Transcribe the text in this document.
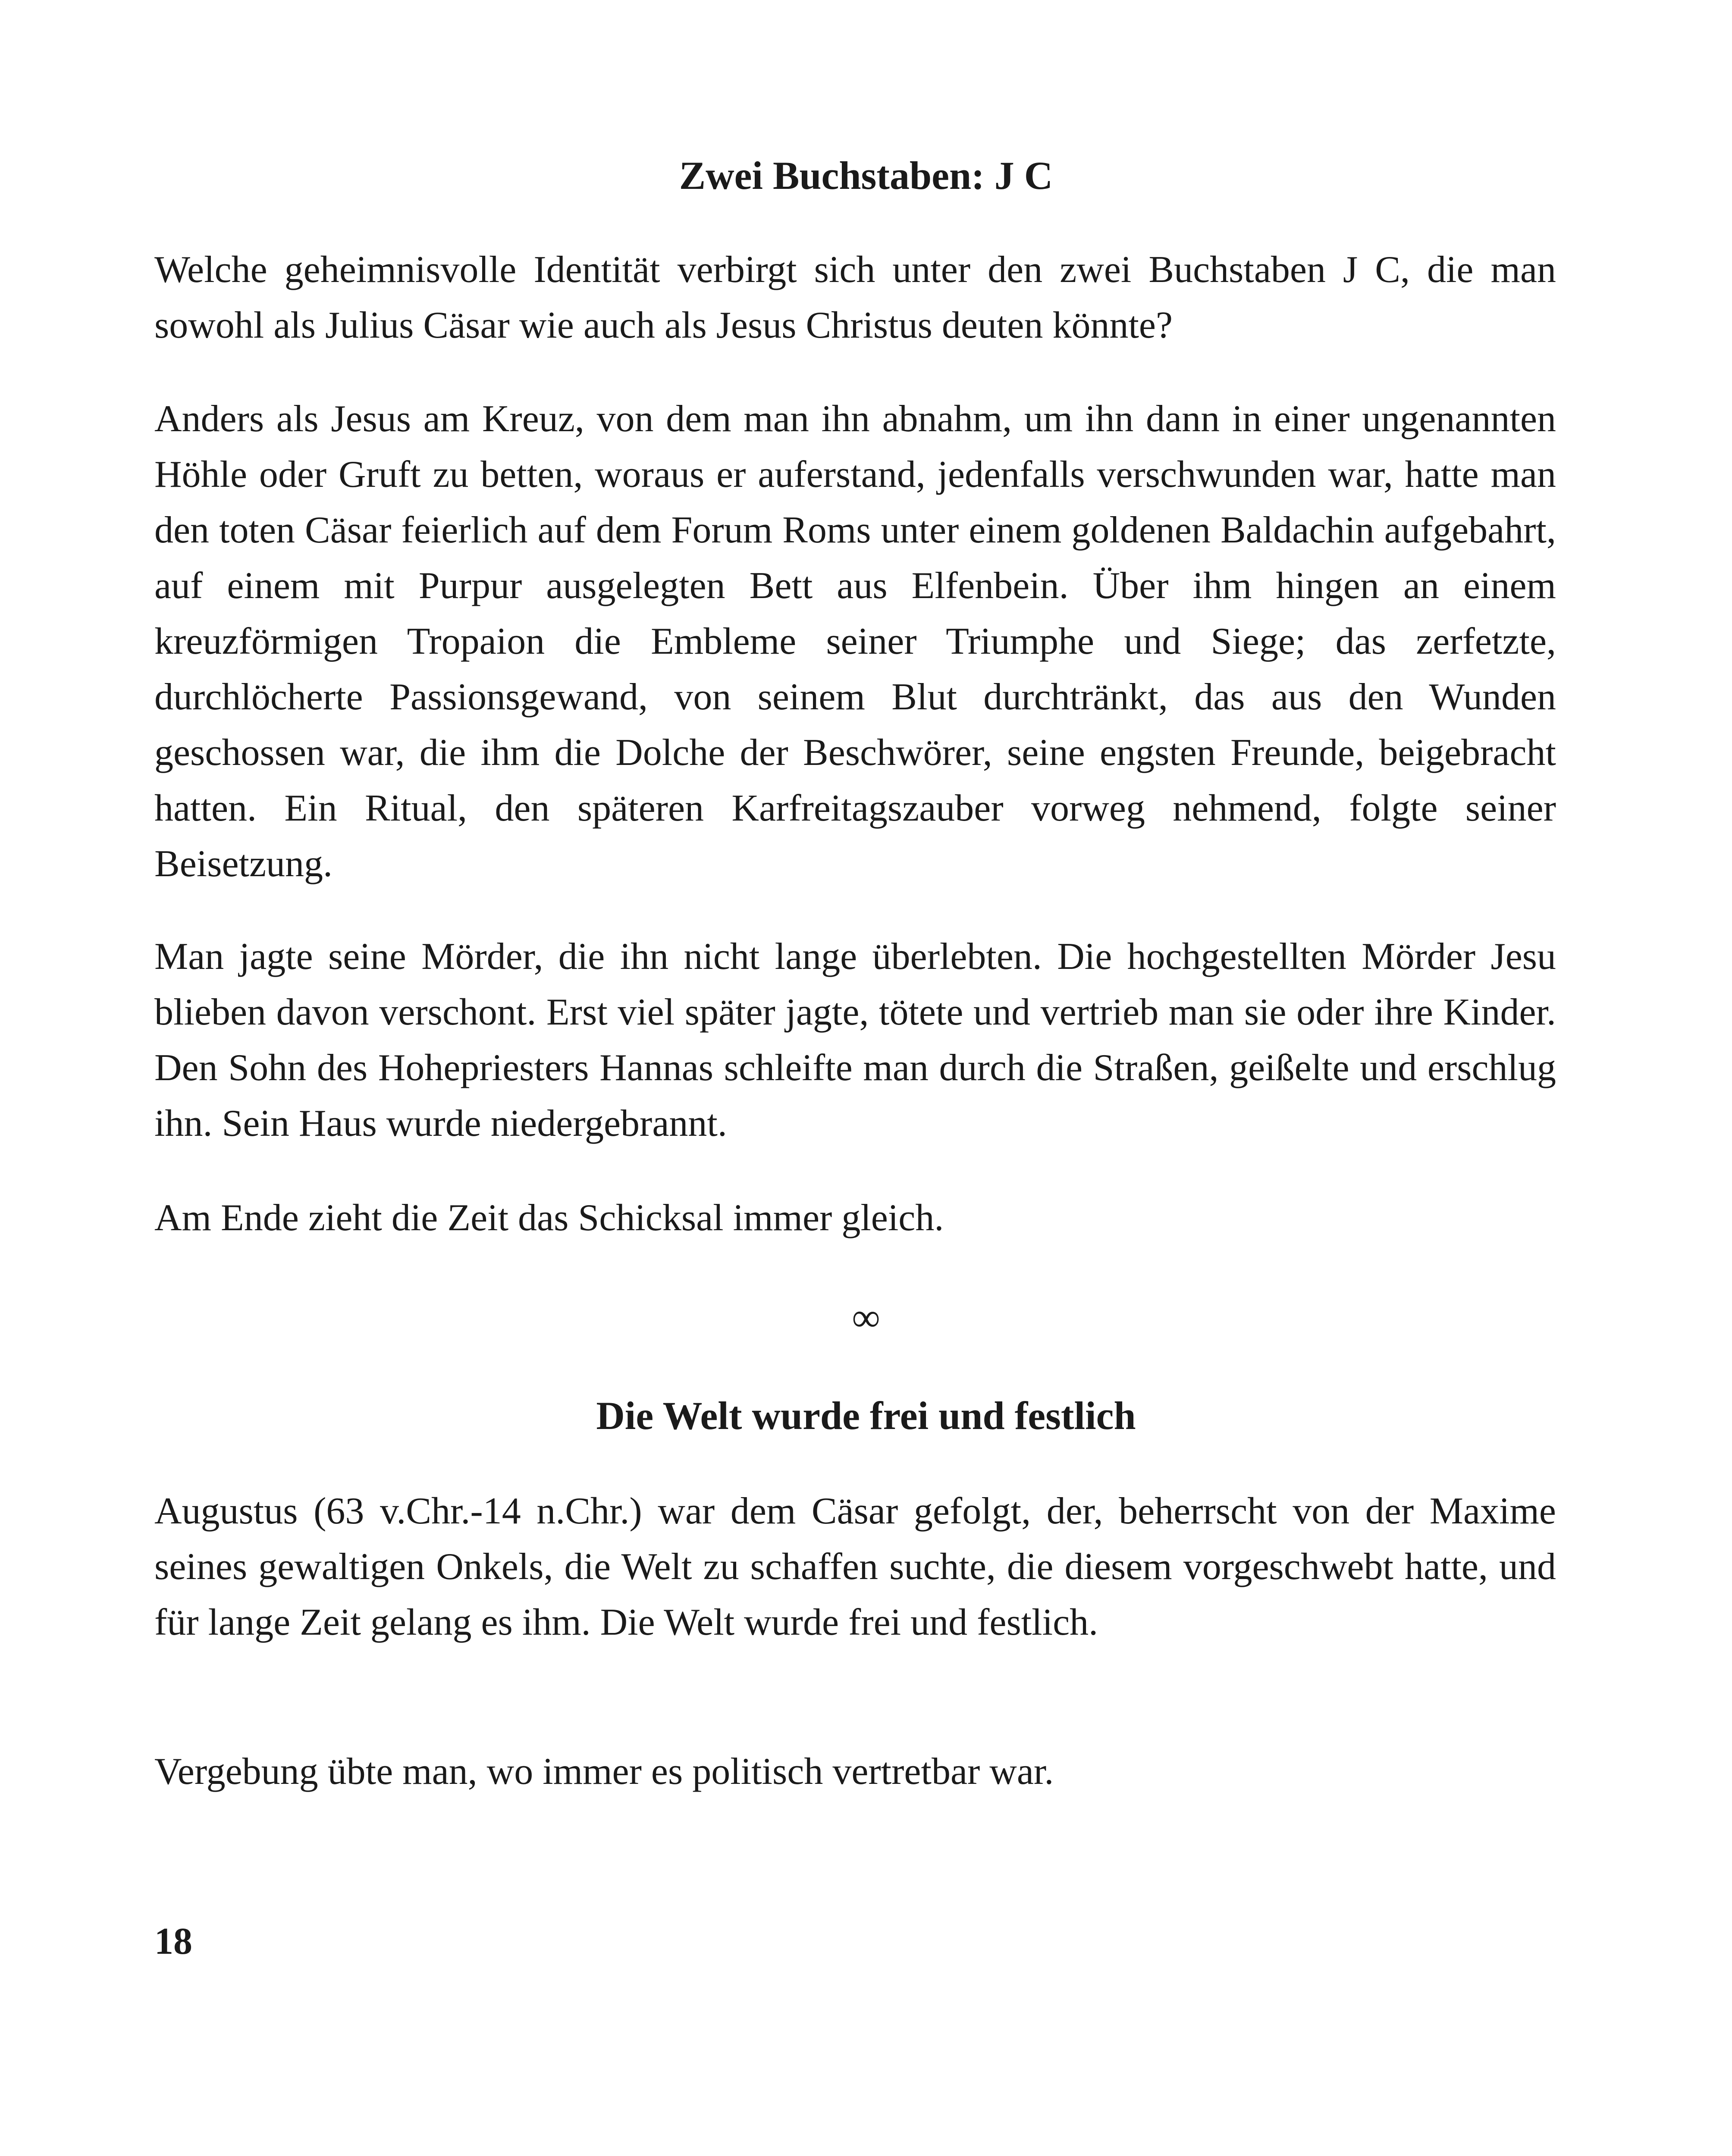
Zwei Buchstaben: J C

Welche geheimnisvolle Identität verbirgt sich unter den zwei Buchstaben J C, die man sowohl als Julius Cäsar wie auch als Jesus Christus deuten könnte?

Anders als Jesus am Kreuz, von dem man ihn abnahm, um ihn dann in einer ungenannten Höhle oder Gruft zu betten, woraus er auferstand, jedenfalls verschwunden war, hatte man den toten Cäsar feierlich auf dem Forum Roms unter einem goldenen Baldachin aufgebahrt, auf einem mit Purpur ausgelegten Bett aus Elfenbein. Über ihm hingen an einem kreuzförmigen Tropaion die Embleme seiner Triumphe und Siege; das zerfetzte, durchlöcherte Passionsgewand, von seinem Blut durchtränkt, das aus den Wunden geschossen war, die ihm die Dolche der Beschwörer, seine engsten Freunde, beigebracht hatten. Ein Ritual, den späteren Karfreitagszauber vorweg nehmend, folgte seiner Beisetzung.

Man jagte seine Mörder, die ihn nicht lange überlebten. Die hochgestellten Mörder Jesu blieben davon verschont. Erst viel später jagte, tötete und vertrieb man sie oder ihre Kinder. Den Sohn des Hohepriesters Hannas schleifte man durch die Straßen, geißelte und erschlug ihn. Sein Haus wurde niedergebrannt.

Am Ende zieht die Zeit das Schicksal immer gleich.

∞

Die Welt wurde frei und festlich

Augustus (63 v.Chr.-14 n.Chr.) war dem Cäsar gefolgt, der, beherrscht von der Maxime seines gewaltigen Onkels, die Welt zu schaffen suchte, die diesem vorgeschwebt hatte, und für lange Zeit gelang es ihm. Die Welt wurde frei und festlich.

Vergebung übte man, wo immer es politisch vertretbar war.

18
